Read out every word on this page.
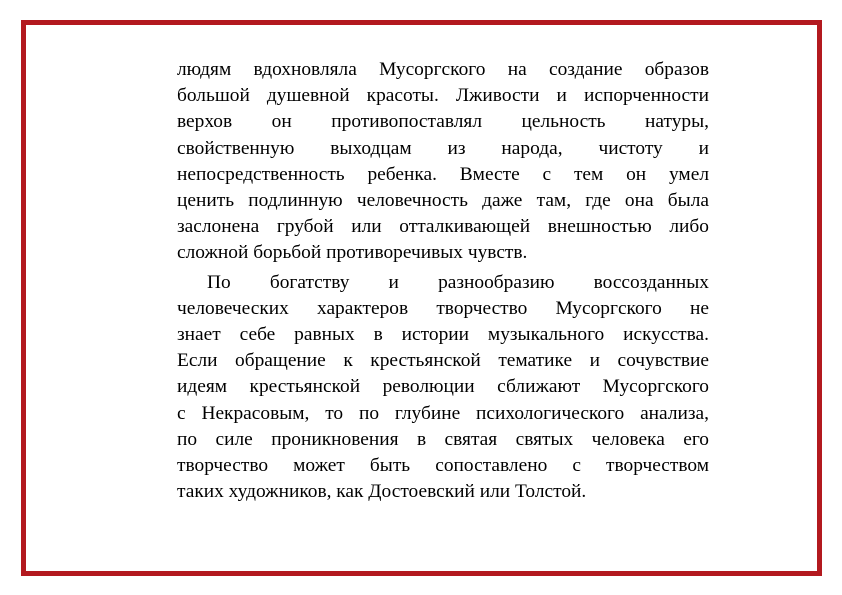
людям вдохновляла Мусоргского на создание образов
большой душевной красоты. Лживости и испорченности
верхов он противопоставлял цельность натуры,
свойственную выходцам из народа, чистоту и
непосредственность ребенка. Вместе с тем он умел
ценить подлинную человечность даже там, где она была
заслонена грубой или отталкивающей внешностью либо
сложной борьбой противоречивых чувств.

По богатству и разнообразию воссозданных
человеческих характеров творчество Мусоргского не
знает себе равных в истории музыкального искусства.
Если обращение к крестьянской тематике и сочувствие
идеям крестьянской революции сближают Мусоргского
с Некрасовым, то по глубине психологического анализа,
по силе проникновения в святая святых человека его
творчество может быть сопоставлено с творчеством
таких художников, как Достоевский или Толстой.
